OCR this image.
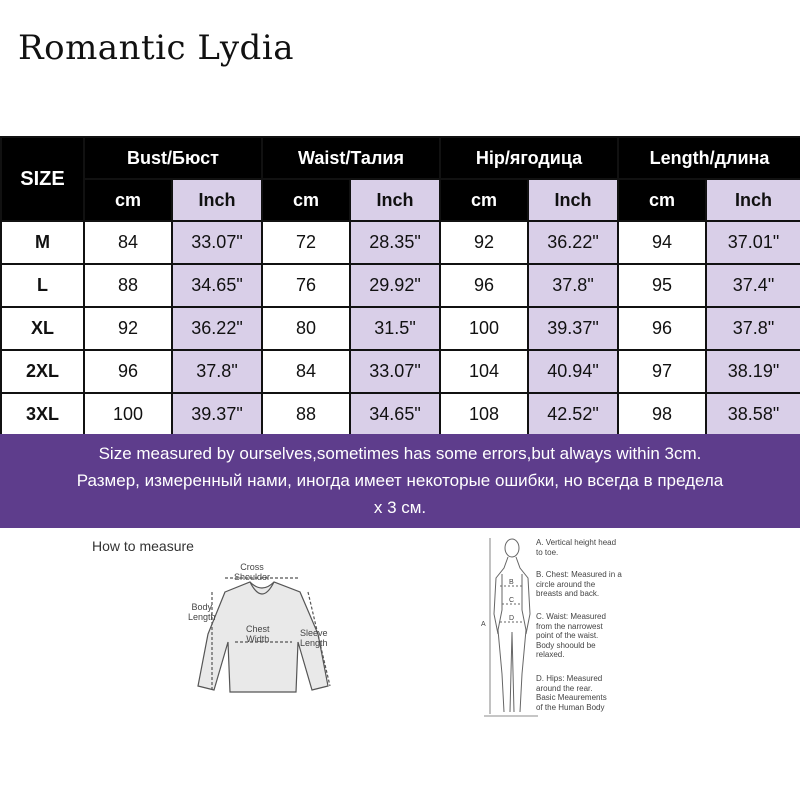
Romantic Lydia
SIZE	Bust/Бюст		Waist/Талия		Hip/ягодица		Length/длина	
	cm	Inch	cm	Inch	cm	Inch	cm	Inch
M	84	33.07"	72	28.35"	92	36.22"	94	37.01"
L	88	34.65"	76	29.92"	96	37.8"	95	37.4"
XL	92	36.22"	80	31.5"	100	39.37"	96	37.8"
2XL	96	37.8"	84	33.07"	104	40.94"	97	38.19"
3XL	100	39.37"	88	34.65"	108	42.52"	98	38.58"
Size measured by ourselves,sometimes has some errors,but always within 3cm.
Размер, измеренный нами, иногда имеет некоторые ошибки, но всегда в предела
х 3 см.
How to measure
Cross
Shoulder
Body
Length
Chest
Width
Sleeve
Length
A
B
C
D
A. Vertical height head
to toe.
B. Chest: Measured in a
circle around the
breasts and back.
C. Waist: Measured
from the narrowest
point of the waist.
Body shoould be
relaxed.
D. Hips: Measured
around the rear.
Basic Meaurements
of the Human Body
